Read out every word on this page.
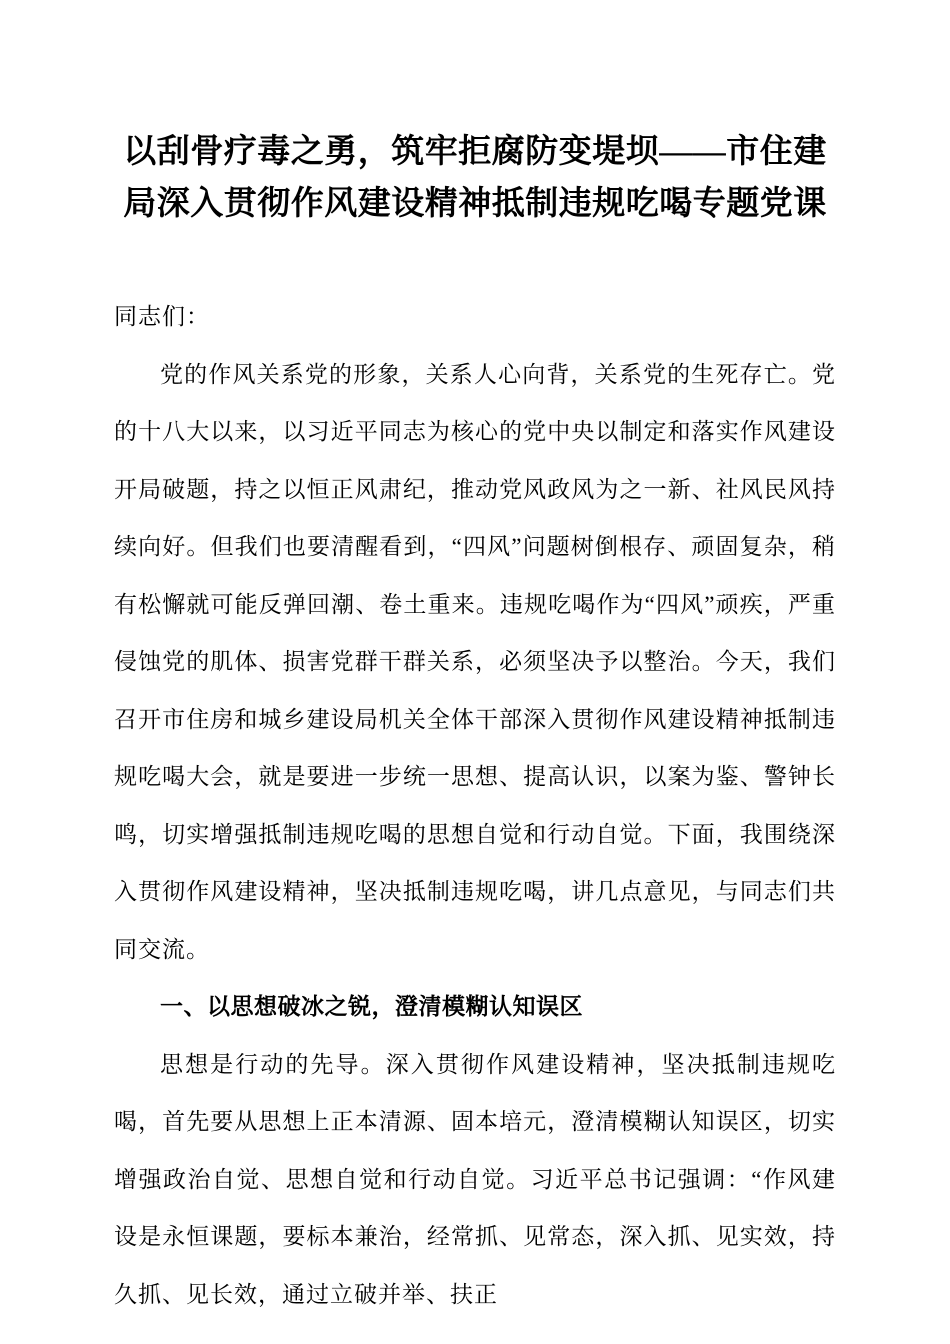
以刮骨疗毒之勇，筑牢拒腐防变堤坝——市住建局深入贯彻作风建设精神抵制违规吃喝专题党课

同志们：

党的作风关系党的形象，关系人心向背，关系党的生死存亡。党的十八大以来，以习近平同志为核心的党中央以制定和落实作风建设开局破题，持之以恒正风肃纪，推动党风政风为之一新、社风民风持续向好。但我们也要清醒看到，“四风”问题树倒根存、顽固复杂，稍有松懈就可能反弹回潮、卷土重来。违规吃喝作为“四风”顽疾，严重侵蚀党的肌体、损害党群干群关系，必须坚决予以整治。今天，我们召开市住房和城乡建设局机关全体干部深入贯彻作风建设精神抵制违规吃喝大会，就是要进一步统一思想、提高认识，以案为鉴、警钟长鸣，切实增强抵制违规吃喝的思想自觉和行动自觉。下面，我围绕深入贯彻作风建设精神，坚决抵制违规吃喝，讲几点意见，与同志们共同交流。

一、以思想破冰之锐，澄清模糊认知误区

思想是行动的先导。深入贯彻作风建设精神，坚决抵制违规吃喝，首先要从思想上正本清源、固本培元，澄清模糊认知误区，切实增强政治自觉、思想自觉和行动自觉。习近平总书记强调：“作风建设是永恒课题，要标本兼治，经常抓、见常态，深入抓、见实效，持久抓、见长效，通过立破并举、扶正
